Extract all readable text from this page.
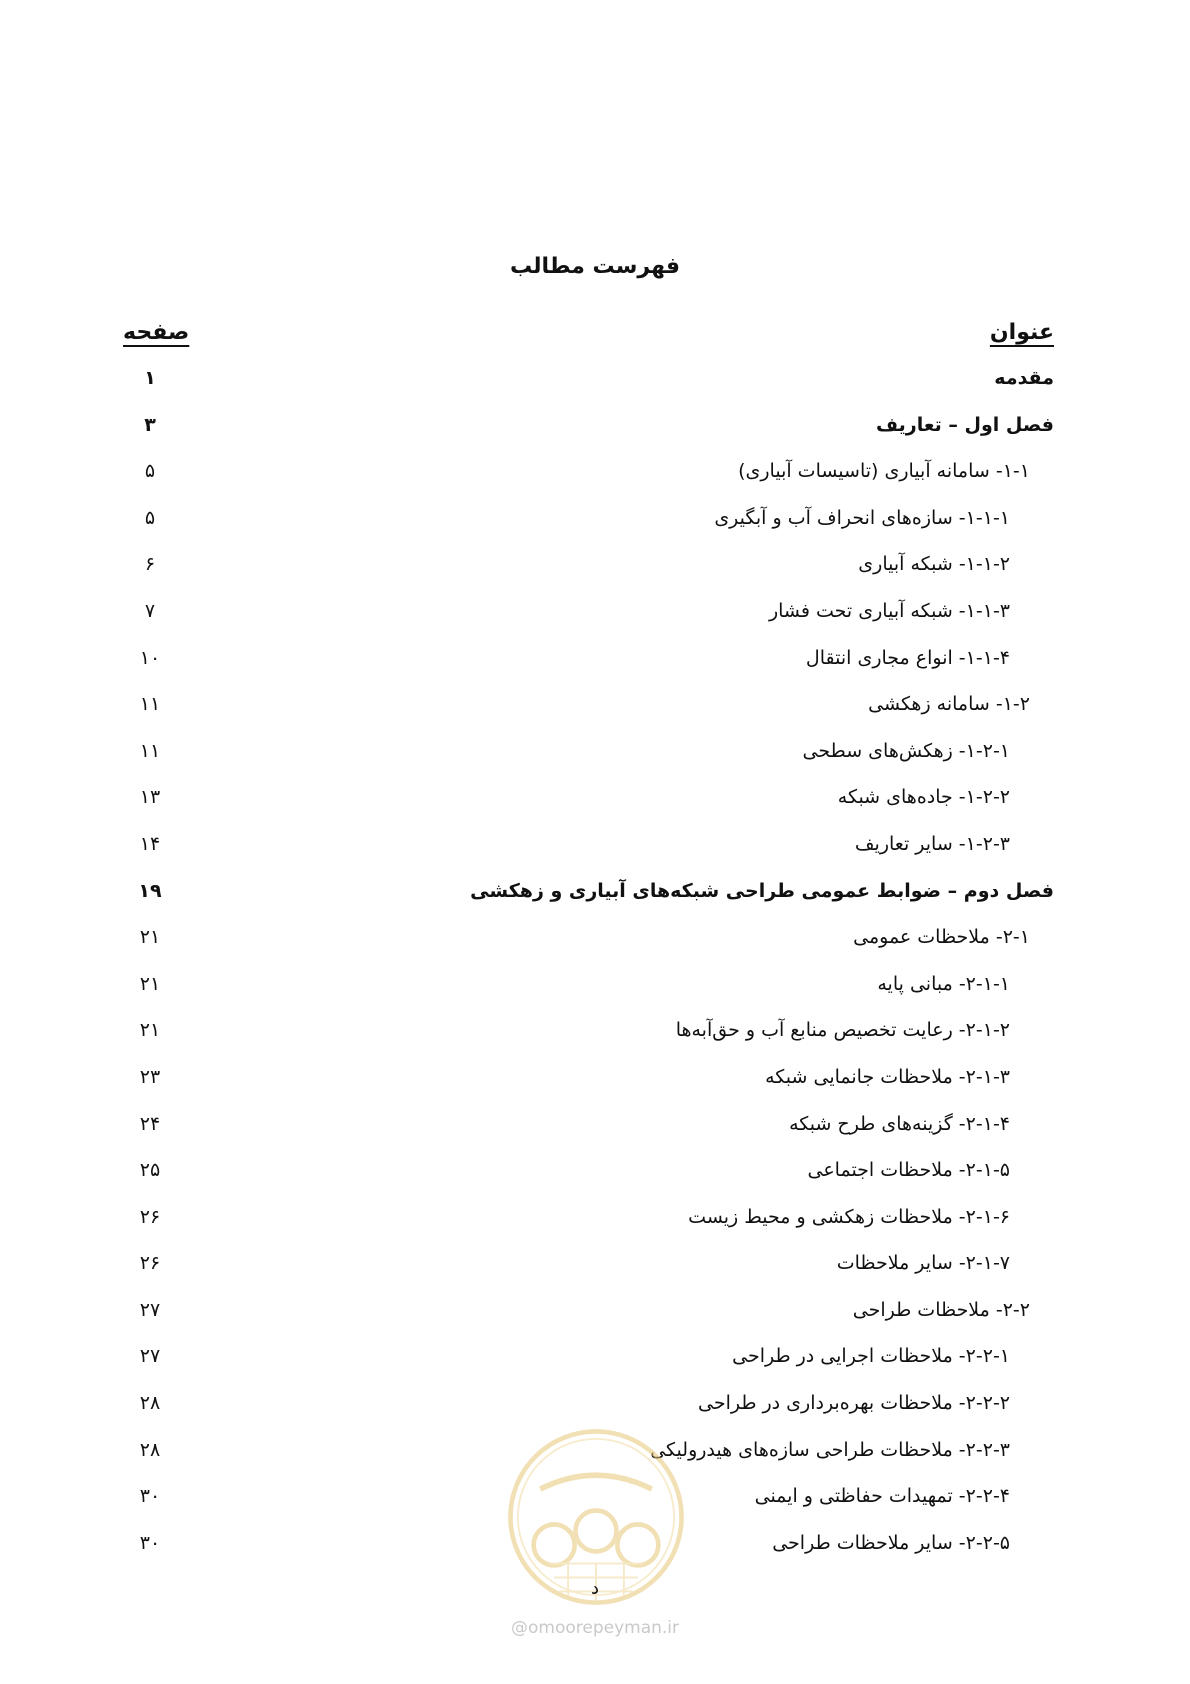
فهرست مطالب
عنوان
صفحه
مقدمه
۱
فصل اول – تعاریف
۳
۱-۱- سامانه آبیاری (تاسیسات آبیاری)
۵
۱-۱-۱- سازه‌های انحراف آب و آبگیری
۵
۱-۱-۲- شبکه آبیاری
۶
۱-۱-۳- شبکه آبیاری تحت فشار
۷
۱-۱-۴- انواع مجاری انتقال
۱۰
۱-۲- سامانه زهکشی
۱۱
۱-۲-۱- زهکش‌های سطحی
۱۱
۱-۲-۲- جاده‌های شبکه
۱۳
۱-۲-۳- سایر تعاریف
۱۴
فصل دوم – ضوابط عمومی طراحی شبکه‌های آبیاری و زهکشی
۱۹
۲-۱- ملاحظات عمومی
۲۱
۲-۱-۱- مبانی پایه
۲۱
۲-۱-۲- رعایت تخصیص منابع آب و حق‌آبه‌ها
۲۱
۲-۱-۳- ملاحظات جانمایی شبکه
۲۳
۲-۱-۴- گزینه‌های طرح شبکه
۲۴
۲-۱-۵- ملاحظات اجتماعی
۲۵
۲-۱-۶- ملاحظات زهکشی و محیط زیست
۲۶
۲-۱-۷- سایر ملاحظات
۲۶
۲-۲- ملاحظات طراحی
۲۷
۲-۲-۱- ملاحظات اجرایی در طراحی
۲۷
۲-۲-۲- ملاحظات بهره‌برداری در طراحی
۲۸
۲-۲-۳- ملاحظات طراحی سازه‌های هیدرولیکی
۲۸
۲-۲-۴- تمهیدات حفاظتی و ایمنی
۳۰
۲-۲-۵- سایر ملاحظات طراحی
۳۰
د
@omoorepeyman.ir
